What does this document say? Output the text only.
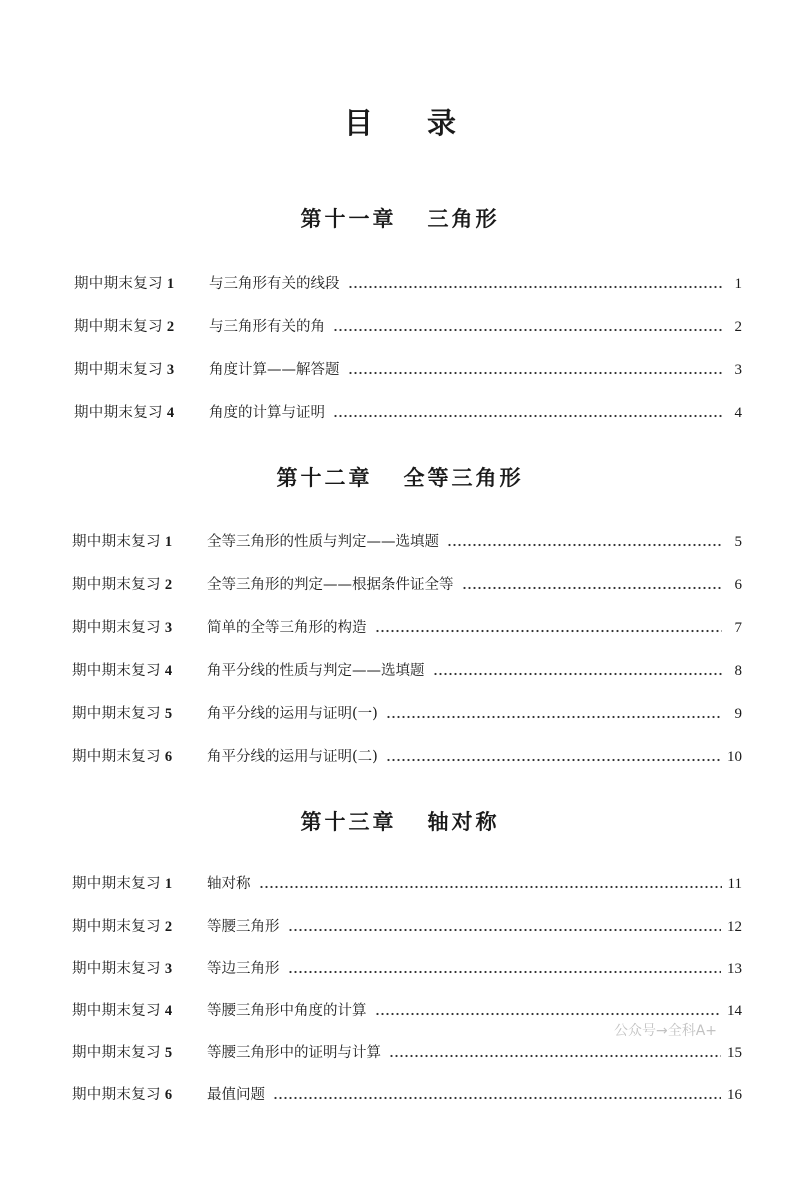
目 录
第十一章   三角形
第十二章   全等三角形
第十三章   轴对称
公众号→全科A+
期中期末复习 1	与三角形有关的线段	1
期中期末复习 2	与三角形有关的角	2
期中期末复习 3	角度计算——解答题	3
期中期末复习 4	角度的计算与证明	4
期中期末复习 1	全等三角形的性质与判定——选填题	5
期中期末复习 2	全等三角形的判定——根据条件证全等	6
期中期末复习 3	简单的全等三角形的构造	7
期中期末复习 4	角平分线的性质与判定——选填题	8
期中期末复习 5	角平分线的运用与证明(一)	9
期中期末复习 6	角平分线的运用与证明(二)	10
期中期末复习 1	轴对称	11
期中期末复习 2	等腰三角形	12
期中期末复习 3	等边三角形	13
期中期末复习 4	等腰三角形中角度的计算	14
期中期末复习 5	等腰三角形中的证明与计算	15
期中期末复习 6	最值问题	16
